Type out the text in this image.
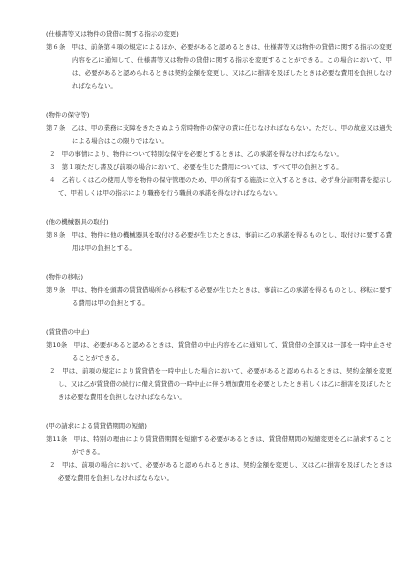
(仕様書等又は物件の貸借に関する指示の変更)
第６条　甲は、前条第４項の規定によるほか、必要があると認めるときは、仕様書等又は物件の貸借に関する指示の変更内容を乙に通知して、仕様書等又は物件の貸借に関する指示を変更することができる。この場合において、甲は、必要があると認められるときは契約金額を変更し、又は乙に損害を及ぼしたときは必要な費用を負担しなければならない。
(物件の保守等)
第７条　乙は、甲の業務に支障をきたさぬよう常時物件の保守の責に任じなければならない。ただし、甲の故意又は過失による場合はこの限りではない。
２　甲の事情により、物件について特別な保守を必要とするときは、乙の承諾を得なければならない。
３　第１項ただし書及び前項の場合において、必要を生じた費用については、すべて甲の負担とする。
４　乙若しくは乙の使用人等を物件の保守管理のため、甲の所有する施設に立入するときは、必ず身分証明書を提示して、甲若しくは甲の指示により職務を行う職員の承諾を得なければならない。
(他の機械器具の取付)
第８条　甲は、物件に他の機械器具を取付ける必要が生じたときは、事前に乙の承諾を得るものとし、取付けに要する費用は甲の負担とする。
(物件の移転)
第９条　甲は、物件を頭書の賃貸借場所から移転する必要が生じたときは、事前に乙の承諾を得るものとし、移転に要する費用は甲の負担とする。
(賃貸借の中止)
第10条　甲は、必要があると認めるときは、賃貸借の中止内容を乙に通知して、賃貸借の全部又は一部を一時中止させることができる。
２　甲は、前項の規定により賃貸借を一時中止した場合において、必要があると認められるときは、契約金額を変更し、又は乙が賃貸借の続行に備え賃貸借の一時中止に伴う増加費用を必要としたとき若しくは乙に損害を及ぼしたときは必要な費用を負担しなければならない。
(甲の請求による賃貸借期間の短縮)
第11条　甲は、特別の理由により賃貸借期間を短縮する必要があるときは、賃貸借期間の短縮変更を乙に請求することができる。
２　甲は、前項の場合において、必要があると認められるときは、契約金額を変更し、又は乙に損害を及ぼしたときは必要な費用を負担しなければならない。
